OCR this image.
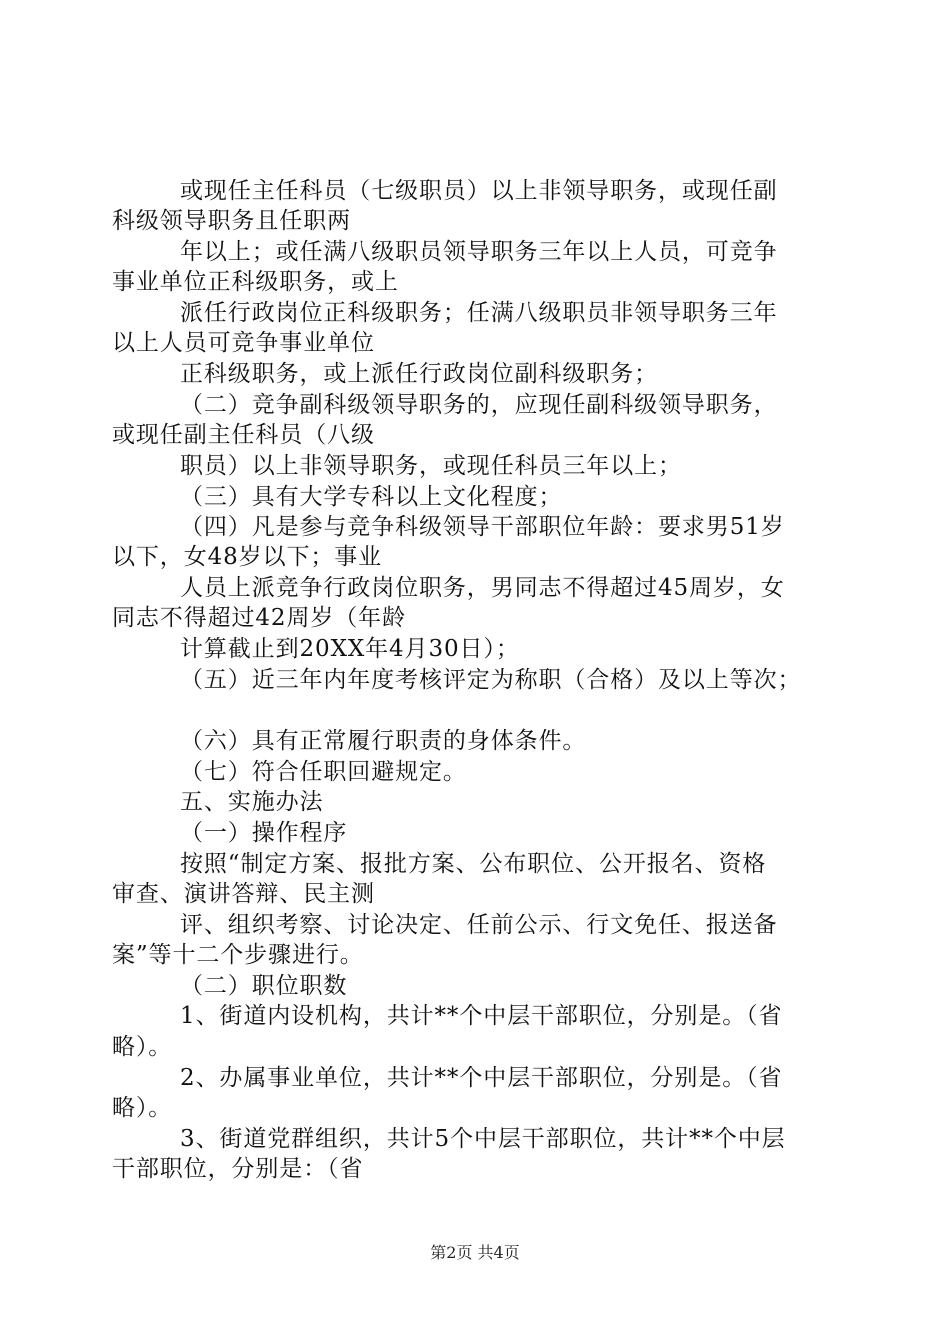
或现任主任科员（七级职员）以上非领导职务，或现任副
科级领导职务且任职两
年以上；或任满八级职员领导职务三年以上人员，可竞争
事业单位正科级职务，或上
派任行政岗位正科级职务；任满八级职员非领导职务三年
以上人员可竞争事业单位
正科级职务，或上派任行政岗位副科级职务；
（二）竞争副科级领导职务的，应现任副科级领导职务，
或现任副主任科员（八级
职员）以上非领导职务，或现任科员三年以上；
（三）具有大学专科以上文化程度；
（四）凡是参与竞争科级领导干部职位年龄：要求男51岁
以下，女48岁以下；事业
人员上派竞争行政岗位职务，男同志不得超过45周岁，女
同志不得超过42周岁（年龄
计算截止到20XX年4月30日）；
（五）近三年内年度考核评定为称职（合格）及以上等次；
（六）具有正常履行职责的身体条件。
（七）符合任职回避规定。
五、实施办法
（一）操作程序
按照“制定方案、报批方案、公布职位、公开报名、资格
审查、演讲答辩、民主测
评、组织考察、讨论决定、任前公示、行文免任、报送备
案”等十二个步骤进行。
（二）职位职数
1、街道内设机构，共计**个中层干部职位，分别是。（省
略）。
2、办属事业单位，共计**个中层干部职位，分别是。（省
略）。
3、街道党群组织，共计5个中层干部职位，共计**个中层
干部职位，分别是：（省
第2页 共4页
